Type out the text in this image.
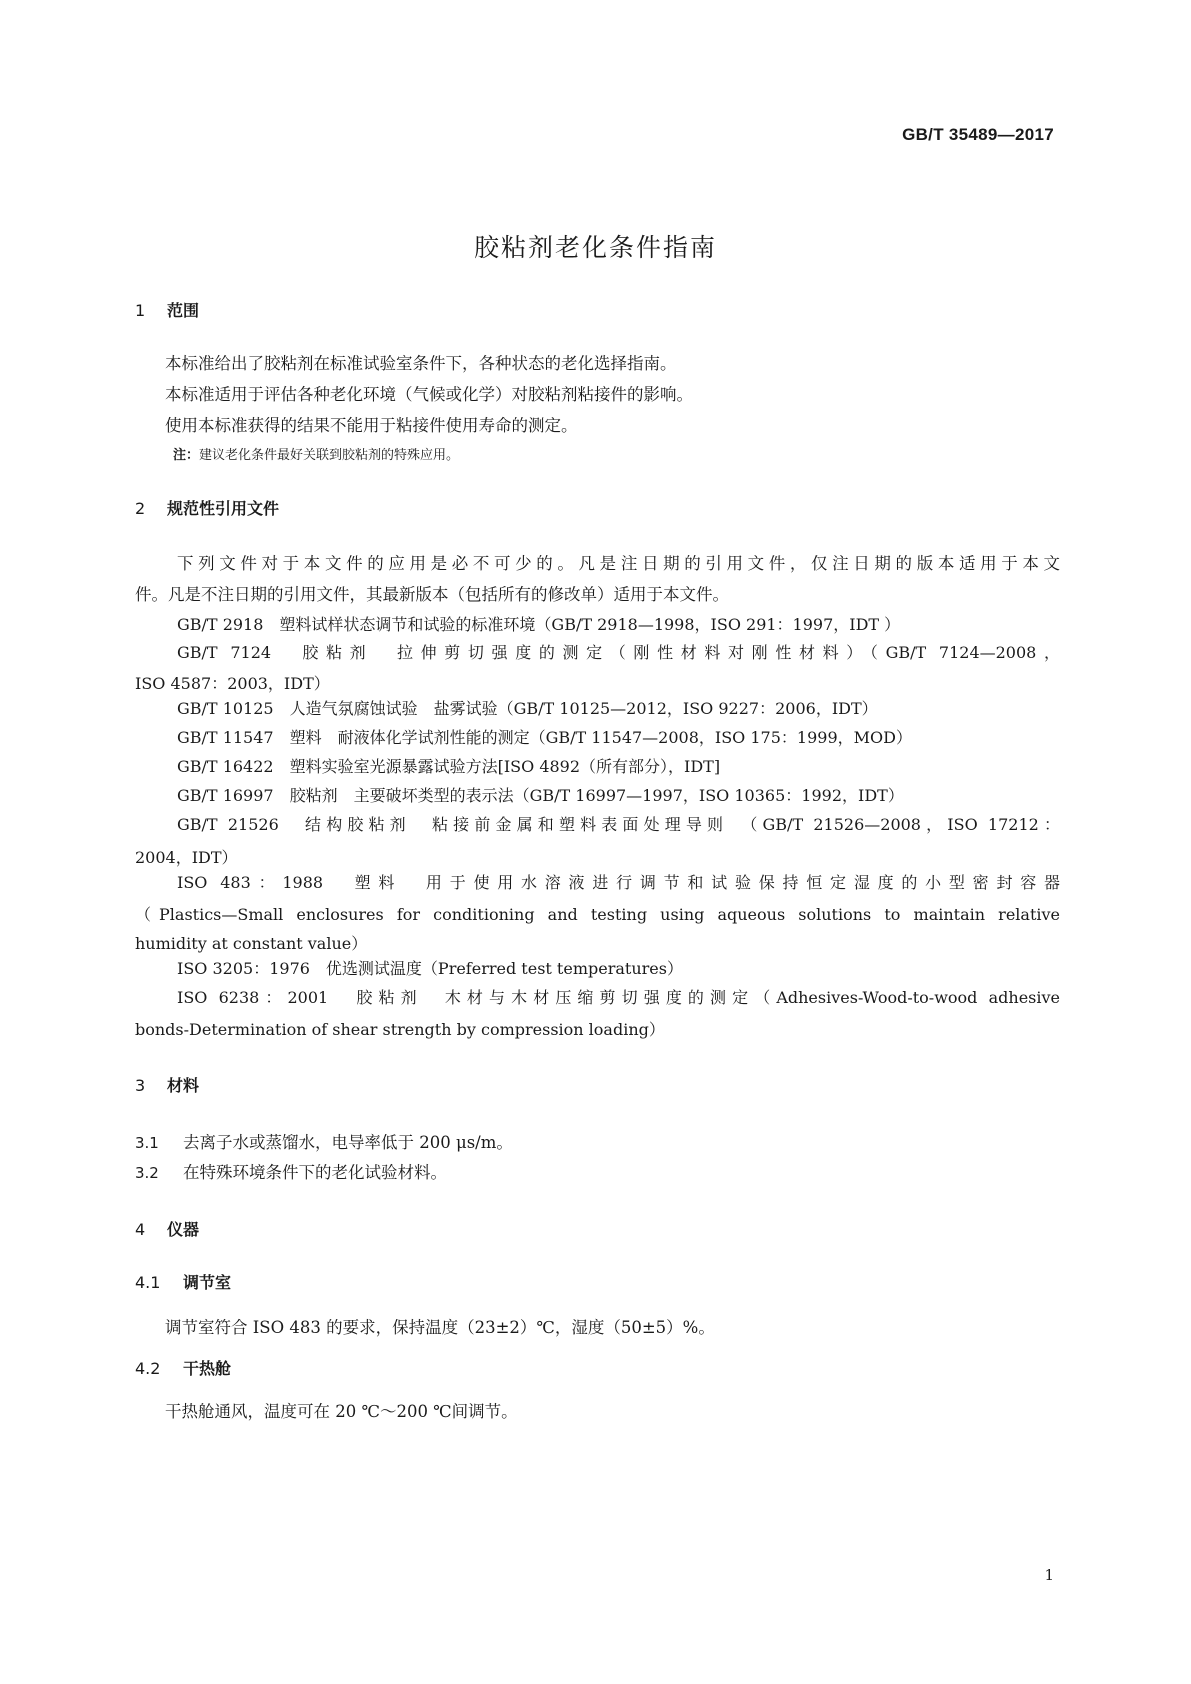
GB/T 35489—2017
胶粘剂老化条件指南
1 范围
本标准给出了胶粘剂在标准试验室条件下，各种状态的老化选择指南。
本标准适用于评估各种老化环境（气候或化学）对胶粘剂粘接件的影响。
使用本标准获得的结果不能用于粘接件使用寿命的测定。
注：建议老化条件最好关联到胶粘剂的特殊应用。
2 规范性引用文件
下列文件对于本文件的应用是必不可少的。凡是注日期的引用文件，仅注日期的版本适用于本文
件。凡是不注日期的引用文件，其最新版本（包括所有的修改单）适用于本文件。
GB/T 2918　塑料试样状态调节和试验的标准环境（GB/T 2918—1998，ISO 291：1997，IDT ）
GB/T 7124　胶粘剂　拉伸剪切强度的测定（刚性材料对刚性材料）（GB/T 7124—2008，
ISO 4587：2003，IDT）
GB/T 10125　人造气氛腐蚀试验　盐雾试验（GB/T 10125—2012，ISO 9227：2006，IDT）
GB/T 11547　塑料　耐液体化学试剂性能的测定（GB/T 11547—2008，ISO 175：1999，MOD）
GB/T 16422　塑料实验室光源暴露试验方法[ISO 4892（所有部分），IDT]
GB/T 16997　胶粘剂　主要破坏类型的表示法（GB/T 16997—1997，ISO 10365：1992，IDT）
GB/T 21526　结构胶粘剂　粘接前金属和塑料表面处理导则　（GB/T 21526—2008，ISO 17212：
2004，IDT）
ISO 483：1988　塑料　用于使用水溶液进行调节和试验保持恒定湿度的小型密封容器
（Plastics—Small enclosures for conditioning and testing using aqueous solutions to maintain relative
humidity at constant value）
ISO 3205：1976　优选测试温度（Preferred test temperatures）
ISO 6238：2001　胶粘剂　木材与木材压缩剪切强度的测定（Adhesives-Wood-to-wood adhesive
bonds-Determination of shear strength by compression loading）
3 材料
3.1 去离子水或蒸馏水，电导率低于 200 μs/m。
3.2 在特殊环境条件下的老化试验材料。
4 仪器
4.1 调节室
调节室符合 ISO 483 的要求，保持温度（23±2）℃，湿度（50±5）%。
4.2 干热舱
干热舱通风，温度可在 20 ℃～200 ℃间调节。
1
